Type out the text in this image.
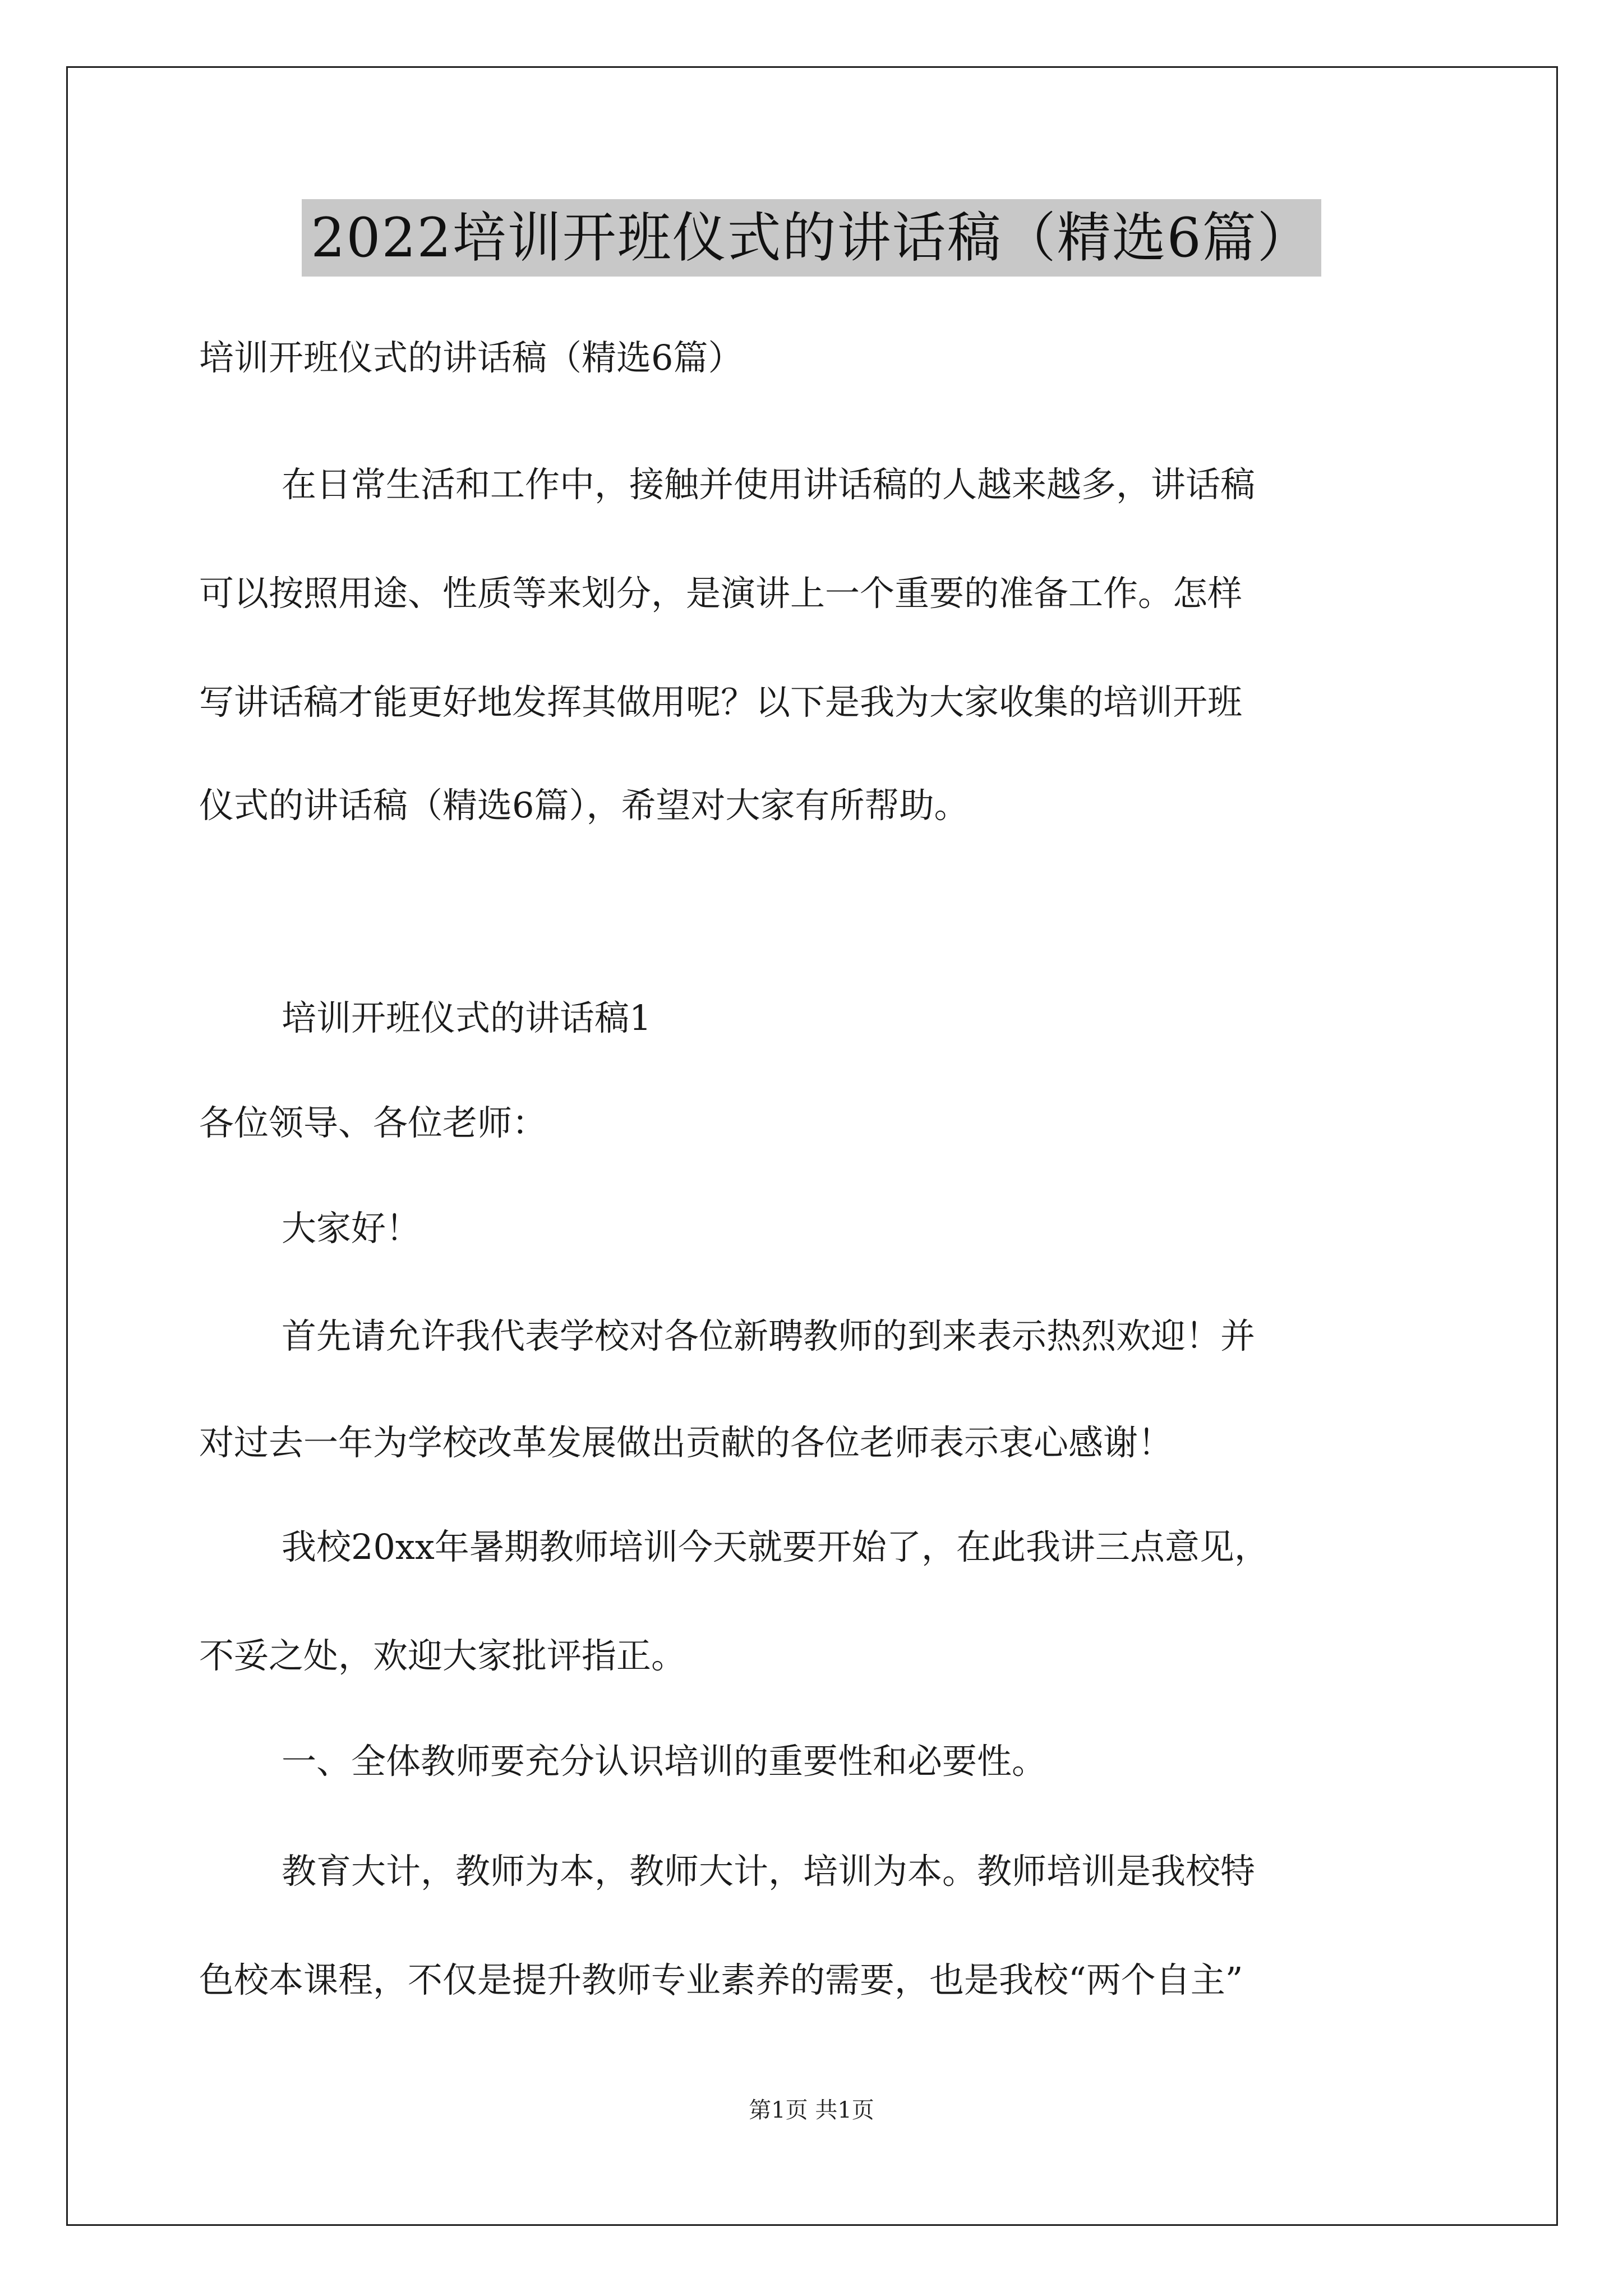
2022培训开班仪式的讲话稿（精选6篇）
培训开班仪式的讲话稿（精选6篇）
在日常生活和工作中，接触并使用讲话稿的人越来越多，讲话稿
可以按照用途、性质等来划分，是演讲上一个重要的准备工作。怎样
写讲话稿才能更好地发挥其做用呢？以下是我为大家收集的培训开班
仪式的讲话稿（精选6篇），希望对大家有所帮助。
培训开班仪式的讲话稿1
各位领导、各位老师：
大家好！
首先请允许我代表学校对各位新聘教师的到来表示热烈欢迎！并
对过去一年为学校改革发展做出贡献的各位老师表示衷心感谢！
我校20xx年暑期教师培训今天就要开始了，在此我讲三点意见，
不妥之处，欢迎大家批评指正。
一、全体教师要充分认识培训的重要性和必要性。
教育大计，教师为本，教师大计，培训为本。教师培训是我校特
色校本课程，不仅是提升教师专业素养的需要，也是我校“两个自主”
第1页 共1页
